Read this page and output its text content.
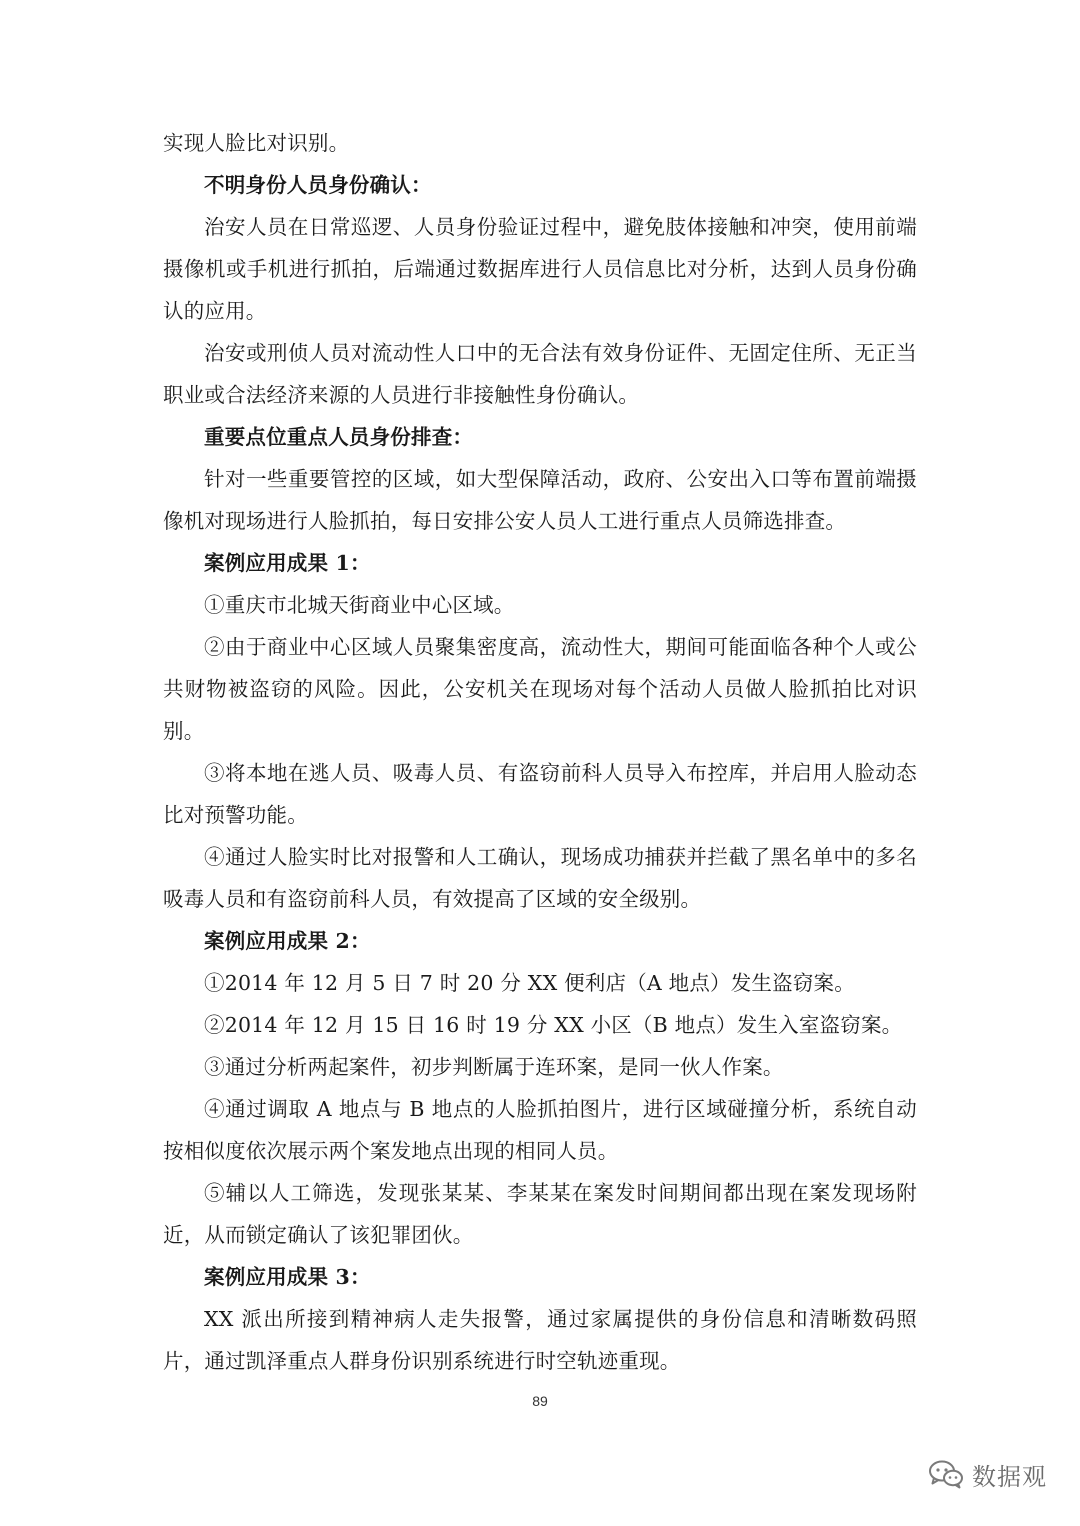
实现人脸比对识别。

不明身份人员身份确认：

治安人员在日常巡逻、人员身份验证过程中，避免肢体接触和冲突，使用前端摄像机或手机进行抓拍，后端通过数据库进行人员信息比对分析，达到人员身份确认的应用。

治安或刑侦人员对流动性人口中的无合法有效身份证件、无固定住所、无正当职业或合法经济来源的人员进行非接触性身份确认。

重要点位重点人员身份排查：

针对一些重要管控的区域，如大型保障活动，政府、公安出入口等布置前端摄像机对现场进行人脸抓拍，每日安排公安人员人工进行重点人员筛选排查。

案例应用成果 1：

①重庆市北城天街商业中心区域。

②由于商业中心区域人员聚集密度高，流动性大，期间可能面临各种个人或公共财物被盗窃的风险。因此，公安机关在现场对每个活动人员做人脸抓拍比对识别。

③将本地在逃人员、吸毒人员、有盗窃前科人员导入布控库，并启用人脸动态比对预警功能。

④通过人脸实时比对报警和人工确认，现场成功捕获并拦截了黑名单中的多名吸毒人员和有盗窃前科人员，有效提高了区域的安全级别。

案例应用成果 2：

①2014 年 12 月 5 日 7 时 20 分 XX 便利店（A 地点）发生盗窃案。

②2014 年 12 月 15 日 16 时 19 分 XX 小区（B 地点）发生入室盗窃案。

③通过分析两起案件，初步判断属于连环案，是同一伙人作案。

④通过调取 A 地点与 B 地点的人脸抓拍图片，进行区域碰撞分析，系统自动按相似度依次展示两个案发地点出现的相同人员。

⑤辅以人工筛选，发现张某某、李某某在案发时间期间都出现在案发现场附近，从而锁定确认了该犯罪团伙。

案例应用成果 3：

XX 派出所接到精神病人走失报警，通过家属提供的身份信息和清晰数码照片，通过凯泽重点人群身份识别系统进行时空轨迹重现。

89
数据观
